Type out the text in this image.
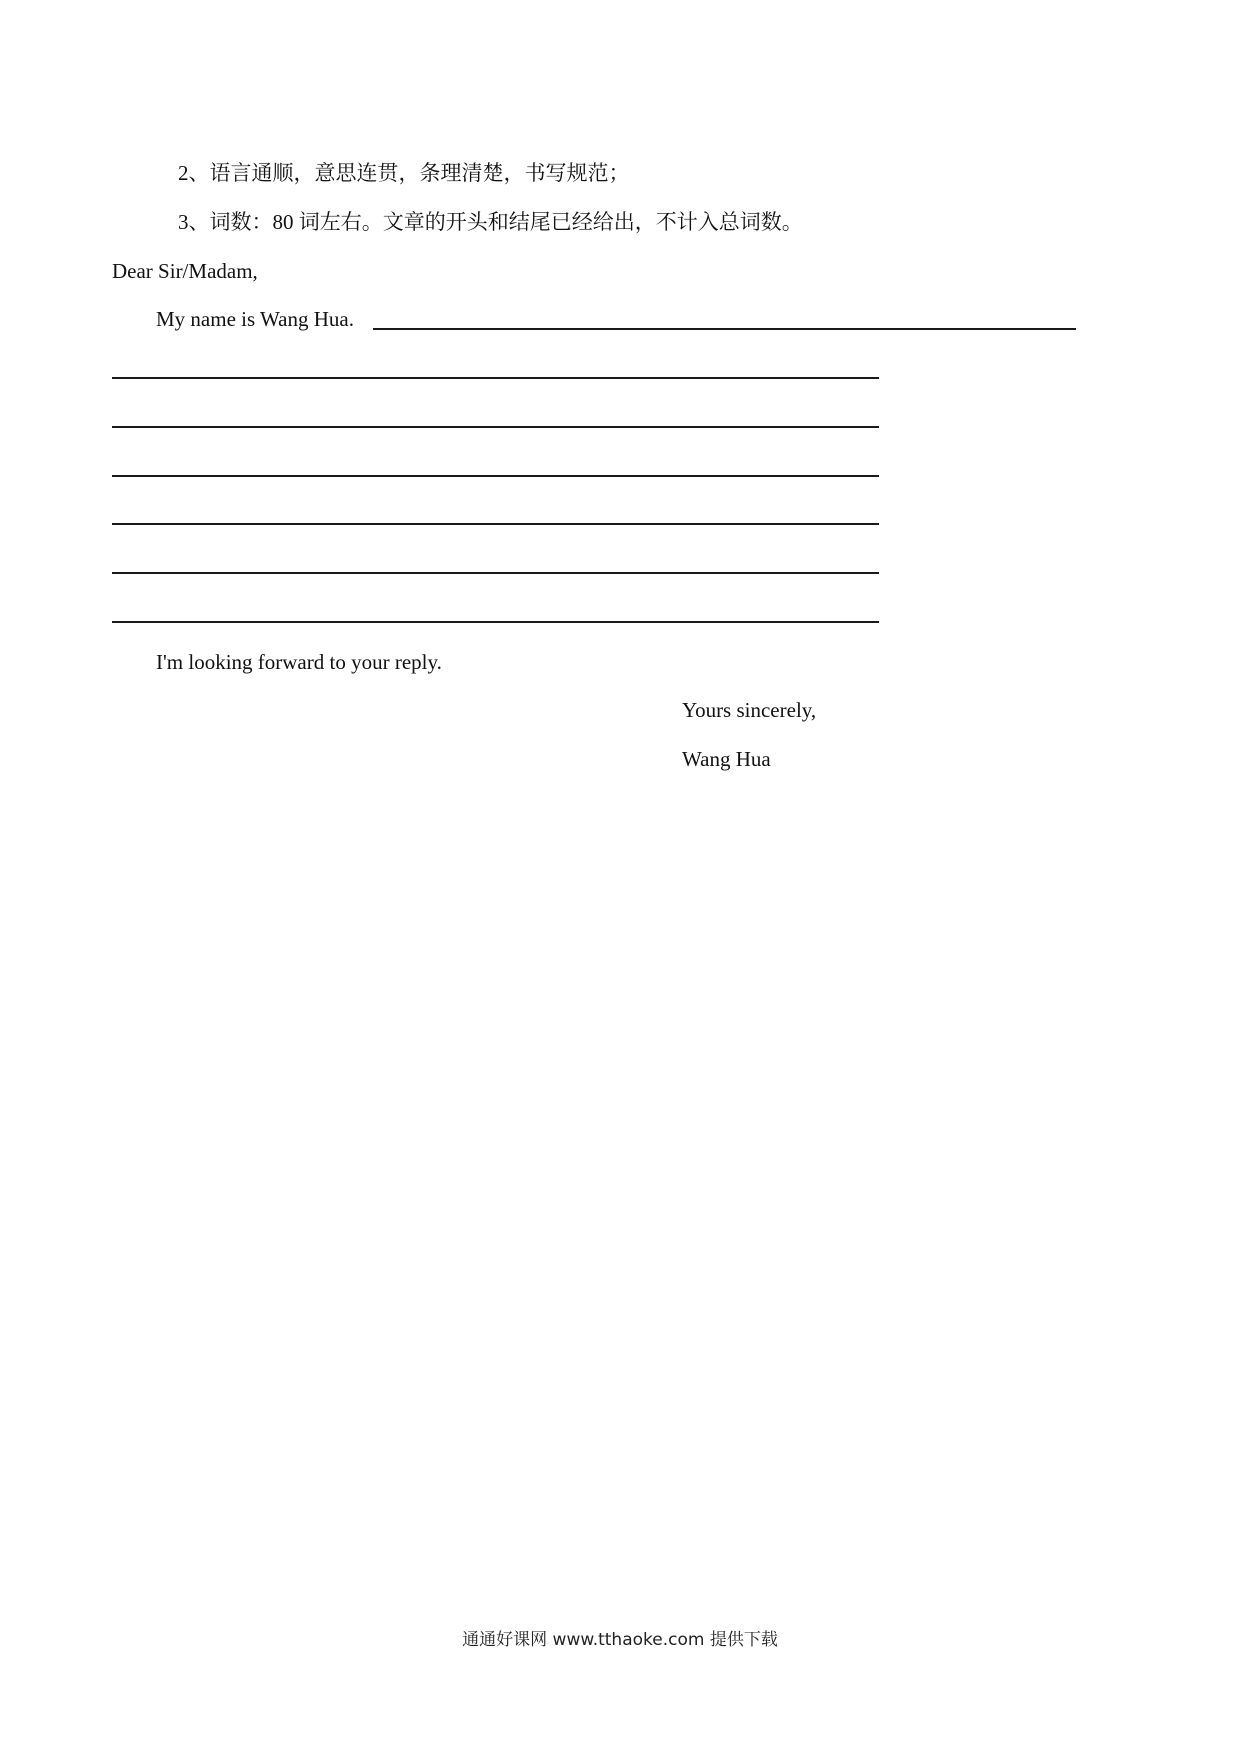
2、语言通顺，意思连贯，条理清楚，书写规范；
3、词数：80 词左右。文章的开头和结尾已经给出，不计入总词数。
Dear Sir/Madam,
My name is Wang Hua.
I'm looking forward to your reply.
Yours sincerely,
Wang Hua
通通好课网 www.tthaoke.com 提供下载
